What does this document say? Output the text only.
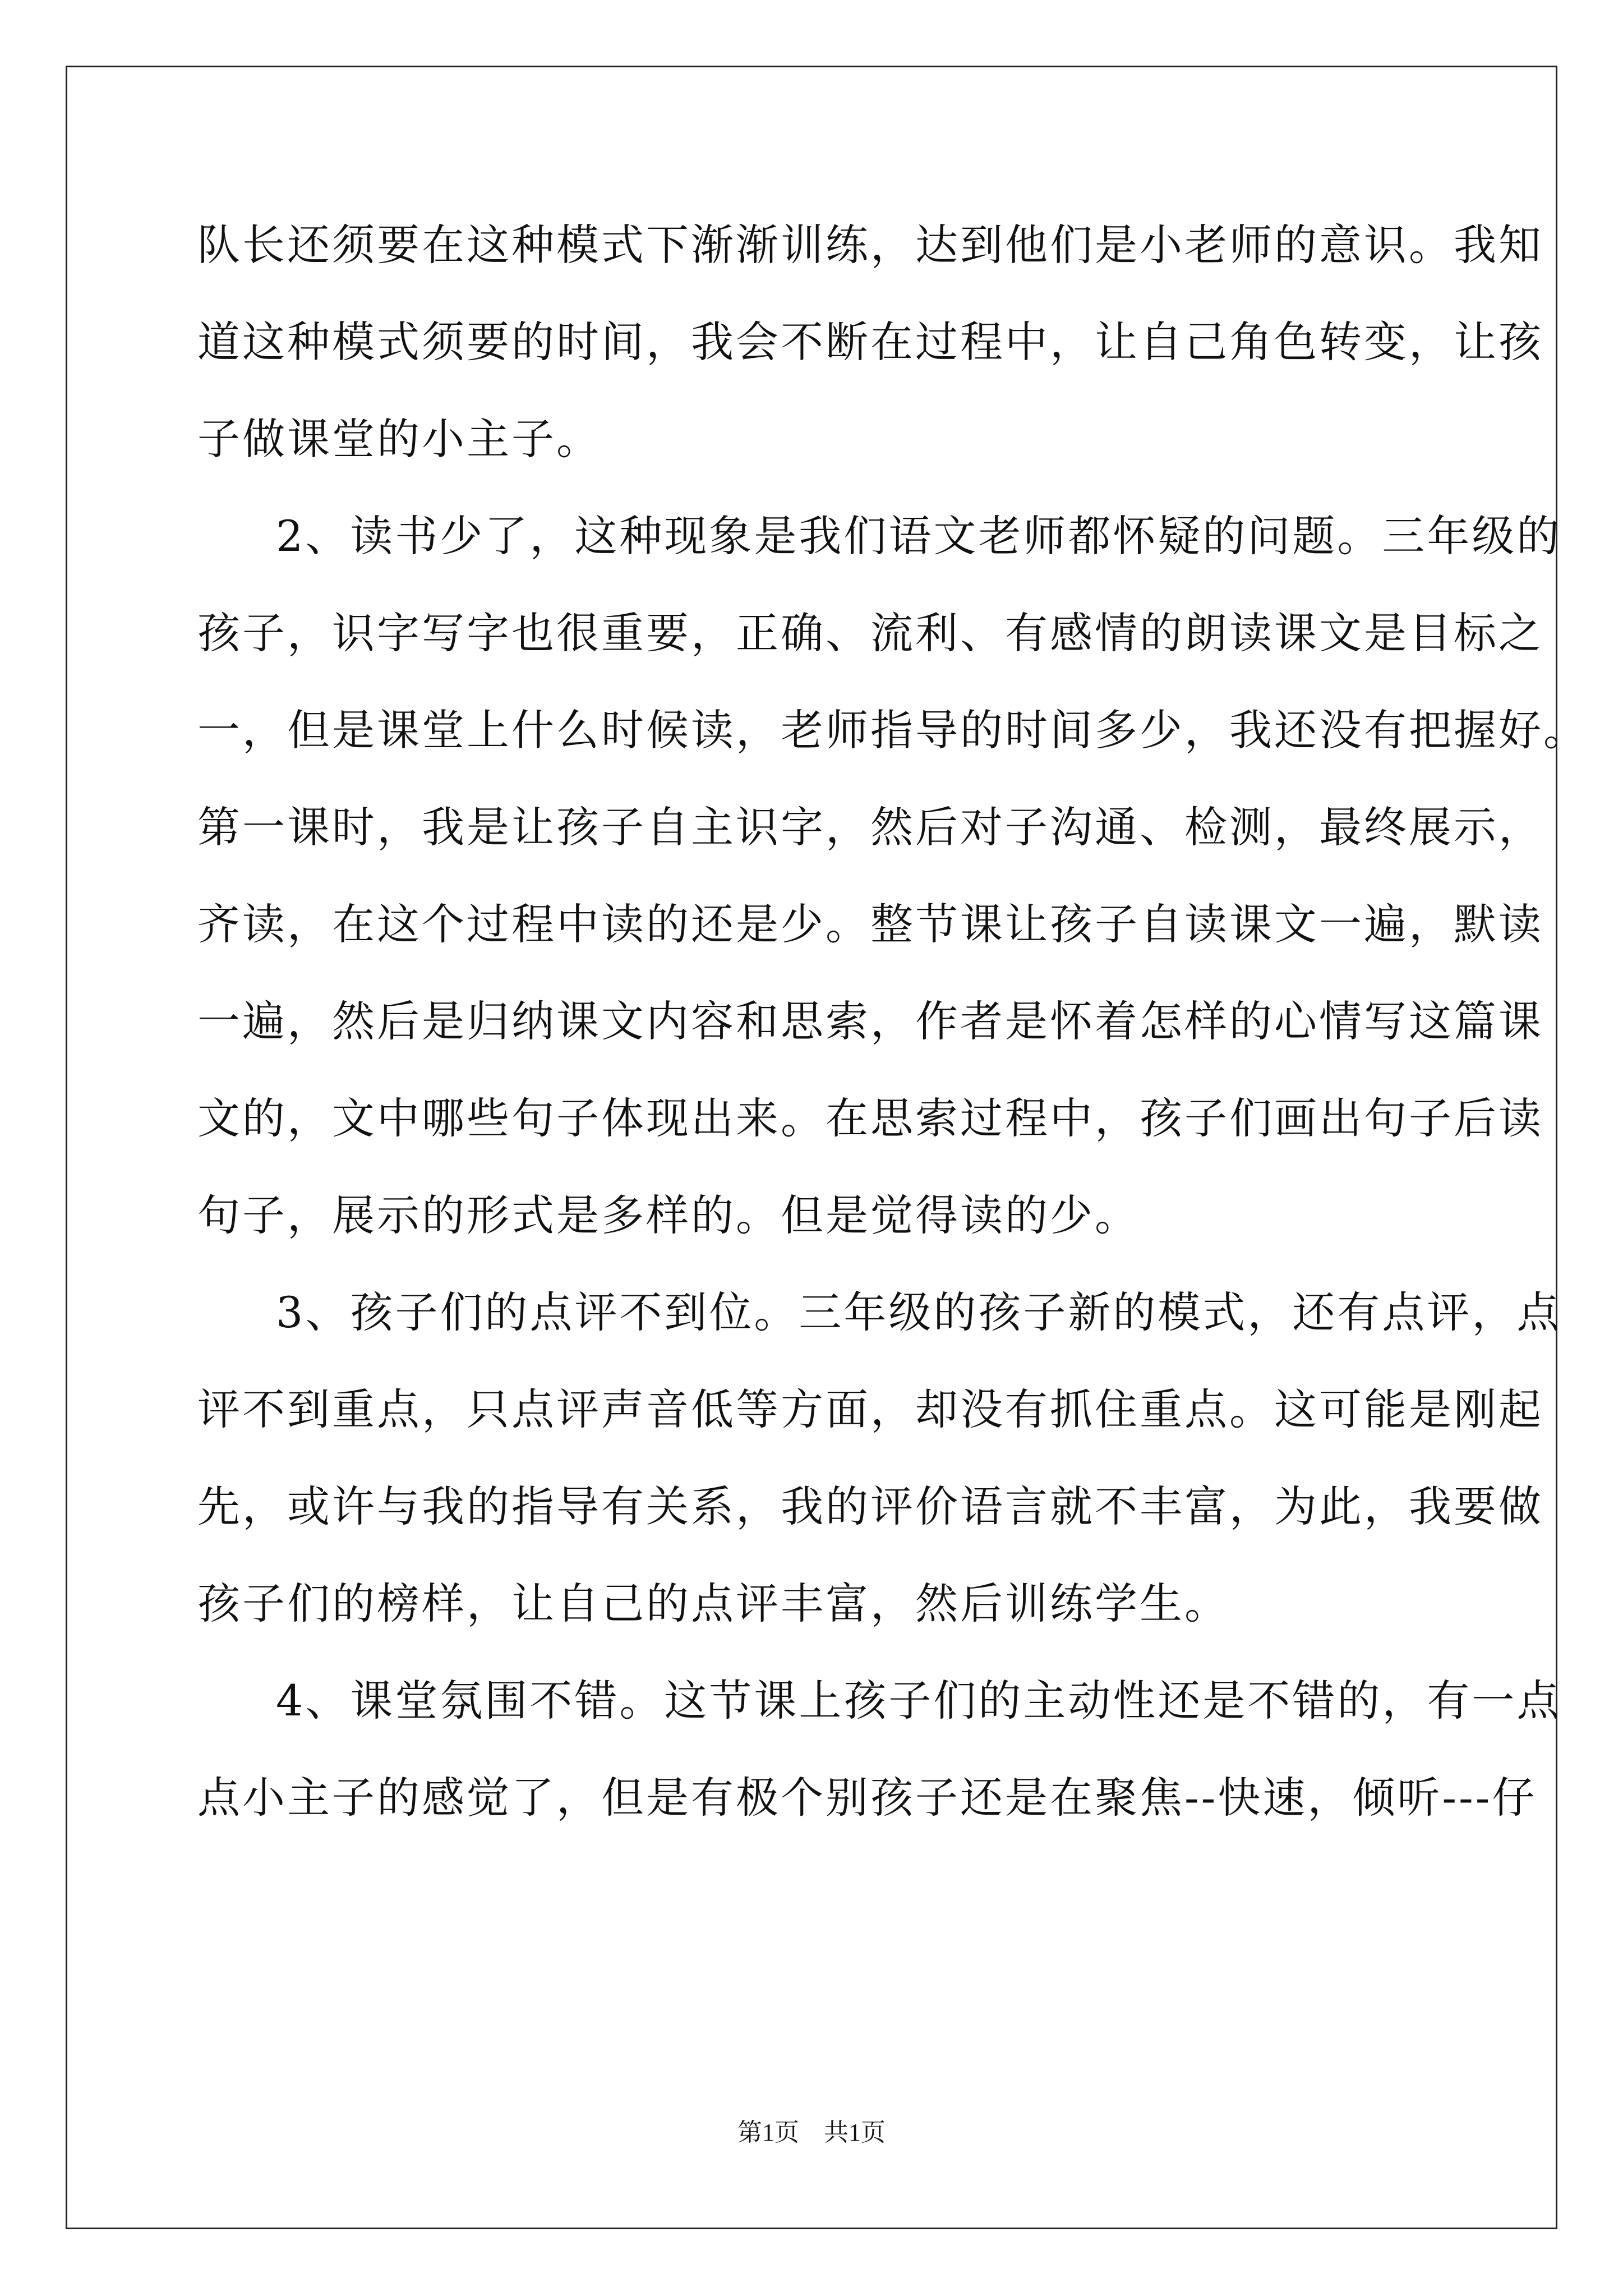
队长还须要在这种模式下渐渐训练，达到他们是小老师的意识。我知
道这种模式须要的时间，我会不断在过程中，让自己角色转变，让孩
子做课堂的小主子。
2、读书少了，这种现象是我们语文老师都怀疑的问题。三年级的
孩子，识字写字也很重要，正确、流利、有感情的朗读课文是目标之
一，但是课堂上什么时候读，老师指导的时间多少，我还没有把握好。
第一课时，我是让孩子自主识字，然后对子沟通、检测，最终展示，
齐读，在这个过程中读的还是少。整节课让孩子自读课文一遍，默读
一遍，然后是归纳课文内容和思索，作者是怀着怎样的心情写这篇课
文的，文中哪些句子体现出来。在思索过程中，孩子们画出句子后读
句子，展示的形式是多样的。但是觉得读的少。
3、孩子们的点评不到位。三年级的孩子新的模式，还有点评，点
评不到重点，只点评声音低等方面，却没有抓住重点。这可能是刚起
先，或许与我的指导有关系，我的评价语言就不丰富，为此，我要做
孩子们的榜样，让自己的点评丰富，然后训练学生。
4、课堂氛围不错。这节课上孩子们的主动性还是不错的，有一点
点小主子的感觉了，但是有极个别孩子还是在聚焦--快速，倾听---仔
第1页　共1页
